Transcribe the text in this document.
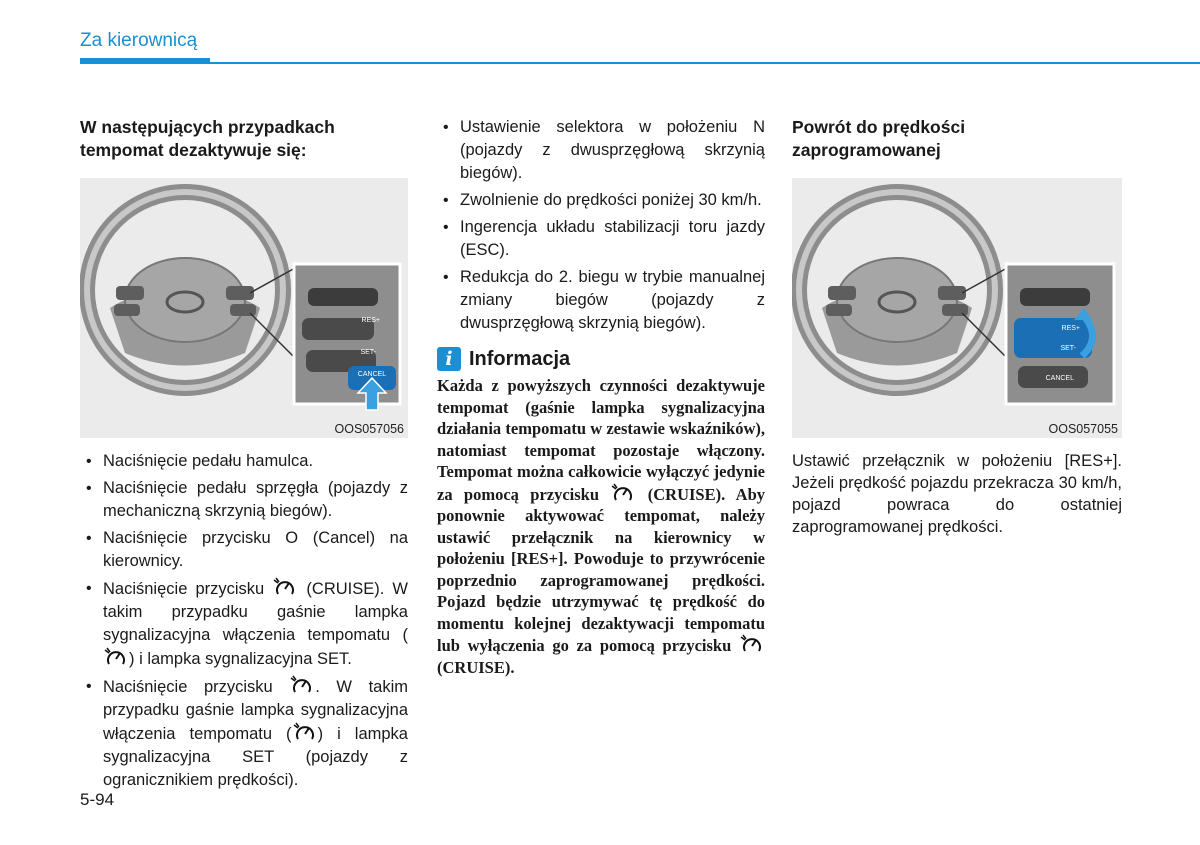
Za kierownicą
W następujących przypadkach
tempomat dezaktywuje się:
RES+
SET-
CANCEL
OOS057056
• Naciśnięcie pedału hamulca.
• Naciśnięcie pedału sprzęgła (pojazdy z mechaniczną skrzynią biegów).
• Naciśnięcie przycisku O (Cancel) na kierownicy.
• Naciśnięcie przycisku	(CRUISE). W takim przypadku gaśnie lampka sygnalizacyjna włączenia tempomatu () i lampka sygnalizacyjna SET.
• Naciśnięcie przycisku	. W takim przypadku gaśnie lampka sygnalizacyjna włączenia tempomatu ( ) i lampka sygnalizacyjna SET (pojazdy z ogranicznikiem prędkości).
• Ustawienie selektora w położeniu N (pojazdy z dwusprzęgłową skrzynią biegów).
• Zwolnienie do prędkości poniżej 30 km/h.
• Ingerencja układu stabilizacji toru jazdy (ESC).
• Redukcja do 2. biegu w trybie manualnej zmiany biegów (pojazdy z dwusprzęgłową skrzynią biegów).
i Informacja
Każda z powyższych czynności dezaktywuje tempomat (gaśnie lampka sygnalizacyjna działania tempomatu w zestawie wskaźników), natomiast tempomat pozostaje włączony. Tempomat można całkowicie wyłączyć jedynie za pomocą przycisku	(CRUISE). Aby ponownie aktywować tempomat, należy ustawić przełącznik na kierownicy w położeniu [RES+]. Powoduje to przywrócenie poprzednio zaprogramowanej prędkości. Pojazd będzie utrzymywać tę prędkość do momentu kolejnej dezaktywacji tempomatu lub wyłączenia go za pomocą przycisku  (CRUISE).
Powrót do prędkości
zaprogramowanej
RES+
SET-
CANCEL
OOS057055
Ustawić przełącznik w położeniu [RES+]. Jeżeli prędkość pojazdu przekracza 30 km/h, pojazd powraca do ostatniej zaprogramowanej prędkości.
5-94
